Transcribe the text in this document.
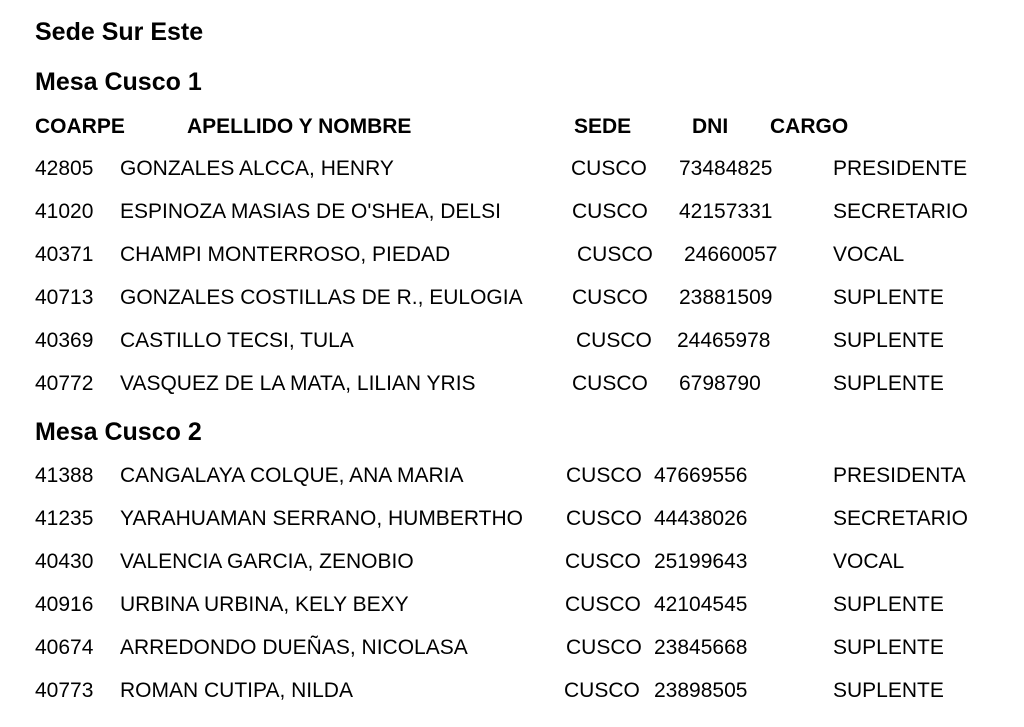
Sede Sur Este
Mesa Cusco 1
COARPE	APELLIDO Y NOMBRE	SEDE	DNI CARGO
42805 GONZALES ALCCA, HENRY	CUSCO 73484825	PRESIDENTE
41020 ESPINOZA MASIAS DE O'SHEA, DELSI	CUSCO 42157331	SECRETARIO
40371 CHAMPI MONTERROSO, PIEDAD	CUSCO 24660057	VOCAL
40713 GONZALES COSTILLAS DE R., EULOGIA CUSCO 23881509	SUPLENTE
40369 CASTILLO TECSI, TULA	CUSCO 24465978	SUPLENTE
40772 VASQUEZ DE LA MATA, LILIAN YRIS	CUSCO 6798790	SUPLENTE
Mesa Cusco 2
41388 CANGALAYA COLQUE, ANA MARIA	CUSCO 47669556	PRESIDENTA
41235 YARAHUAMAN SERRANO, HUMBERTHO CUSCO 44438026	SECRETARIO
40430 VALENCIA GARCIA, ZENOBIO	CUSCO 25199643	VOCAL
40916 URBINA URBINA, KELY BEXY	CUSCO 42104545	SUPLENTE
40674 ARREDONDO DUEÑAS, NICOLASA	CUSCO 23845668	SUPLENTE
40773 ROMAN CUTIPA, NILDA	CUSCO 23898505	SUPLENTE
